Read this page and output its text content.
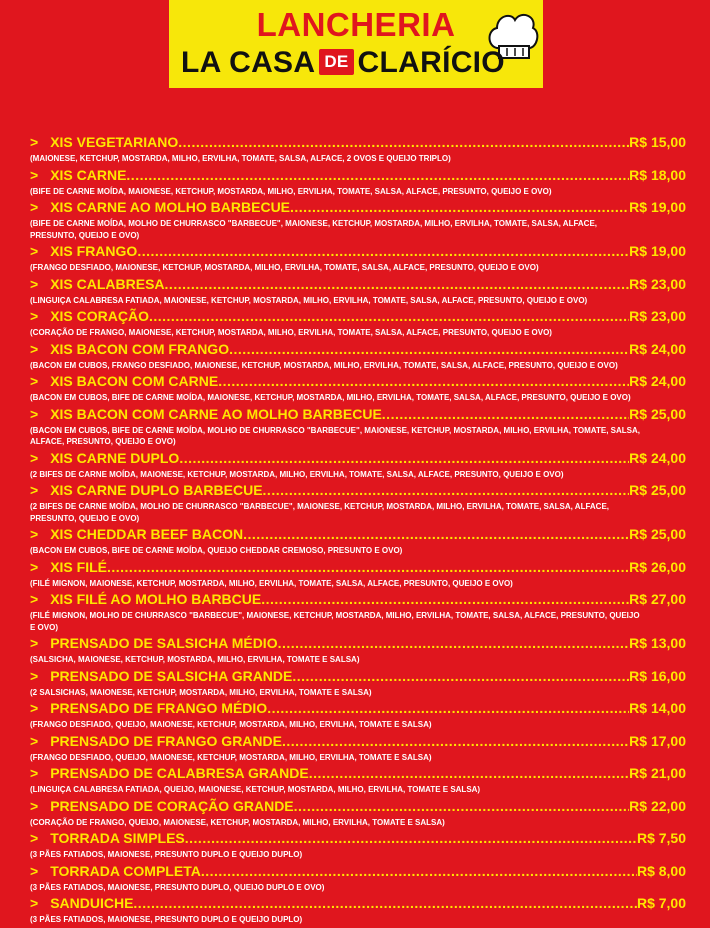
LANCHERIA
LA CASA DE CLARÍCIO
> XIS VEGETARIANO .....	R$ 15,00
(MAIONESE, KETCHUP, MOSTARDA, MILHO, ERVILHA, TOMATE, SALSA, ALFACE, 2 OVOS E QUEIJO TRIPLO)
> XIS CARNE .....	R$ 18,00
(BIFE DE CARNE MOÍDA, MAIONESE, KETCHUP, MOSTARDA, MILHO, ERVILHA, TOMATE, SALSA, ALFACE, PRESUNTO, QUEIJO E OVO)
> XIS CARNE AO MOLHO BARBECUE .....	R$ 19,00
(BIFE DE CARNE MOÍDA, MOLHO DE CHURRASCO "BARBECUE", MAIONESE, KETCHUP, MOSTARDA, MILHO, ERVILHA, TOMATE, SALSA, ALFACE, PRESUNTO, QUEIJO E OVO)
> XIS FRANGO .....	R$ 19,00
(FRANGO DESFIADO, MAIONESE, KETCHUP, MOSTARDA, MILHO, ERVILHA, TOMATE, SALSA, ALFACE, PRESUNTO, QUEIJO E OVO)
> XIS CALABRESA .....	R$ 23,00
(LINGUIÇA CALABRESA FATIADA, MAIONESE, KETCHUP, MOSTARDA, MILHO, ERVILHA, TOMATE, SALSA, ALFACE, PRESUNTO, QUEIJO E OVO)
> XIS CORAÇÃO .....	R$ 23,00
(CORAÇÃO DE FRANGO, MAIONESE, KETCHUP, MOSTARDA, MILHO, ERVILHA, TOMATE, SALSA, ALFACE, PRESUNTO, QUEIJO E OVO)
> XIS BACON COM FRANGO .....	R$ 24,00
(BACON EM CUBOS, FRANGO DESFIADO, MAIONESE, KETCHUP, MOSTARDA, MILHO, ERVILHA, TOMATE, SALSA, ALFACE, PRESUNTO, QUEIJO E OVO)
> XIS BACON COM CARNE .....	R$ 24,00
(BACON EM CUBOS, BIFE DE CARNE MOÍDA, MAIONESE, KETCHUP, MOSTARDA, MILHO, ERVILHA, TOMATE, SALSA, ALFACE, PRESUNTO, QUEIJO E OVO)
> XIS BACON COM CARNE AO MOLHO BARBECUE .....	R$ 25,00
(BACON EM CUBOS, BIFE DE CARNE MOÍDA, MOLHO DE CHURRASCO "BARBECUE", MAIONESE, KETCHUP, MOSTARDA, MILHO, ERVILHA, TOMATE, SALSA, ALFACE, PRESUNTO, QUEIJO E OVO)
> XIS CARNE DUPLO .....	R$ 24,00
(2 BIFES DE CARNE MOÍDA, MAIONESE, KETCHUP, MOSTARDA, MILHO, ERVILHA, TOMATE, SALSA, ALFACE, PRESUNTO, QUEIJO E OVO)
> XIS CARNE DUPLO BARBECUE .....	R$ 25,00
(2 BIFES DE CARNE MOÍDA, MOLHO DE CHURRASCO "BARBECUE", MAIONESE, KETCHUP, MOSTARDA, MILHO, ERVILHA, TOMATE, SALSA, ALFACE, PRESUNTO, QUEIJO E OVO)
> XIS CHEDDAR BEEF BACON .....	R$ 25,00
(BACON EM CUBOS, BIFE DE CARNE MOÍDA, QUEIJO CHEDDAR CREMOSO, PRESUNTO E OVO)
> XIS FILÉ .....	R$ 26,00
(FILÉ MIGNON, MAIONESE, KETCHUP, MOSTARDA, MILHO, ERVILHA, TOMATE, SALSA, ALFACE, PRESUNTO, QUEIJO E OVO)
> XIS FILÉ AO MOLHO BARBCUE .....	R$ 27,00
(FILÉ MIGNON, MOLHO DE CHURRASCO "BARBECUE", MAIONESE, KETCHUP, MOSTARDA, MILHO, ERVILHA, TOMATE, SALSA, ALFACE, PRESUNTO, QUEIJO E OVO)
> PRENSADO DE SALSICHA MÉDIO .....	R$ 13,00
(SALSICHA, MAIONESE, KETCHUP, MOSTARDA, MILHO, ERVILHA, TOMATE E SALSA)
> PRENSADO DE SALSICHA GRANDE .....	R$ 16,00
(2 SALSICHAS, MAIONESE, KETCHUP, MOSTARDA, MILHO, ERVILHA, TOMATE E SALSA)
> PRENSADO DE FRANGO MÉDIO .....	R$ 14,00
(FRANGO DESFIADO, QUEIJO, MAIONESE, KETCHUP, MOSTARDA, MILHO, ERVILHA, TOMATE E SALSA)
> PRENSADO DE FRANGO GRANDE .....	R$ 17,00
(FRANGO DESFIADO, QUEIJO, MAIONESE, KETCHUP, MOSTARDA, MILHO, ERVILHA, TOMATE E SALSA)
> PRENSADO DE CALABRESA GRANDE .....	R$ 21,00
(LINGUIÇA CALABRESA FATIADA, QUEIJO, MAIONESE, KETCHUP, MOSTARDA, MILHO, ERVILHA, TOMATE E SALSA)
> PRENSADO DE CORAÇÃO GRANDE .....	R$ 22,00
(CORAÇÃO DE FRANGO, QUEIJO, MAIONESE, KETCHUP, MOSTARDA, MILHO, ERVILHA, TOMATE E SALSA)
> TORRADA SIMPLES .....	R$ 7,50
(3 PÃES FATIADOS, MAIONESE, PRESUNTO DUPLO E QUEIJO DUPLO)
> TORRADA COMPLETA .....	R$ 8,00
(3 PÃES FATIADOS, MAIONESE, PRESUNTO DUPLO, QUEIJO DUPLO E OVO)
> SANDUICHE .....	R$ 7,00
(3 PÃES FATIADOS, MAIONESE, PRESUNTO DUPLO E QUEIJO DUPLO)
